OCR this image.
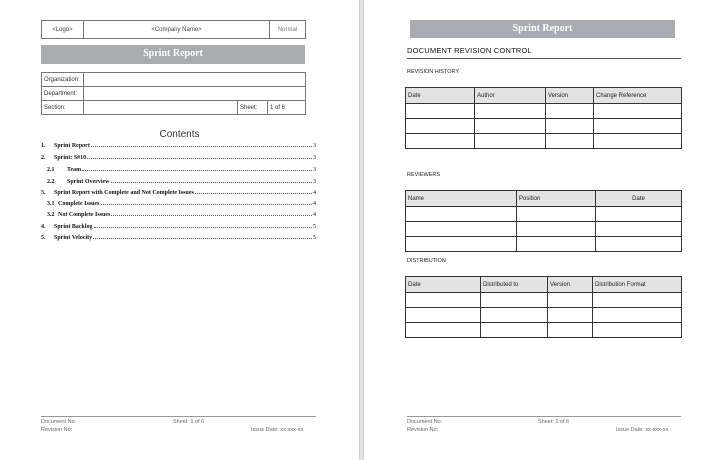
<Logo>	<Company Name>	Normal
Sprint Report
Organization:			
Department:			
Section:		Sheet:	1 of 6
Contents
1.	Sprint Report	3
2.	Sprint: S#10	3
2.1	Team	3
2.2	Sprint Overview	3
3.	Sprint Report with Complete and Not Complete Issues	4
3.1 Complete Issues	4
3.2 Not Complete Issues	4
4.	Sprint Backlog	5
5.	Sprint Velocity	5
Document No:
Revision No:
Sheet: 1 of 6
Issue Date: xx-xxx-xx
Sprint Report
DOCUMENT REVISION CONTROL
REVISION HISTORY
Date	Author	Version	Change Reference

REVIEWERS
Name	Position	Date

DISTRIBUTION
Date	Distributed to	Version	Distribution Format

Document No:
Revision No:
Sheet: 2 of 6
Issue Date: xx-xxx-xx
